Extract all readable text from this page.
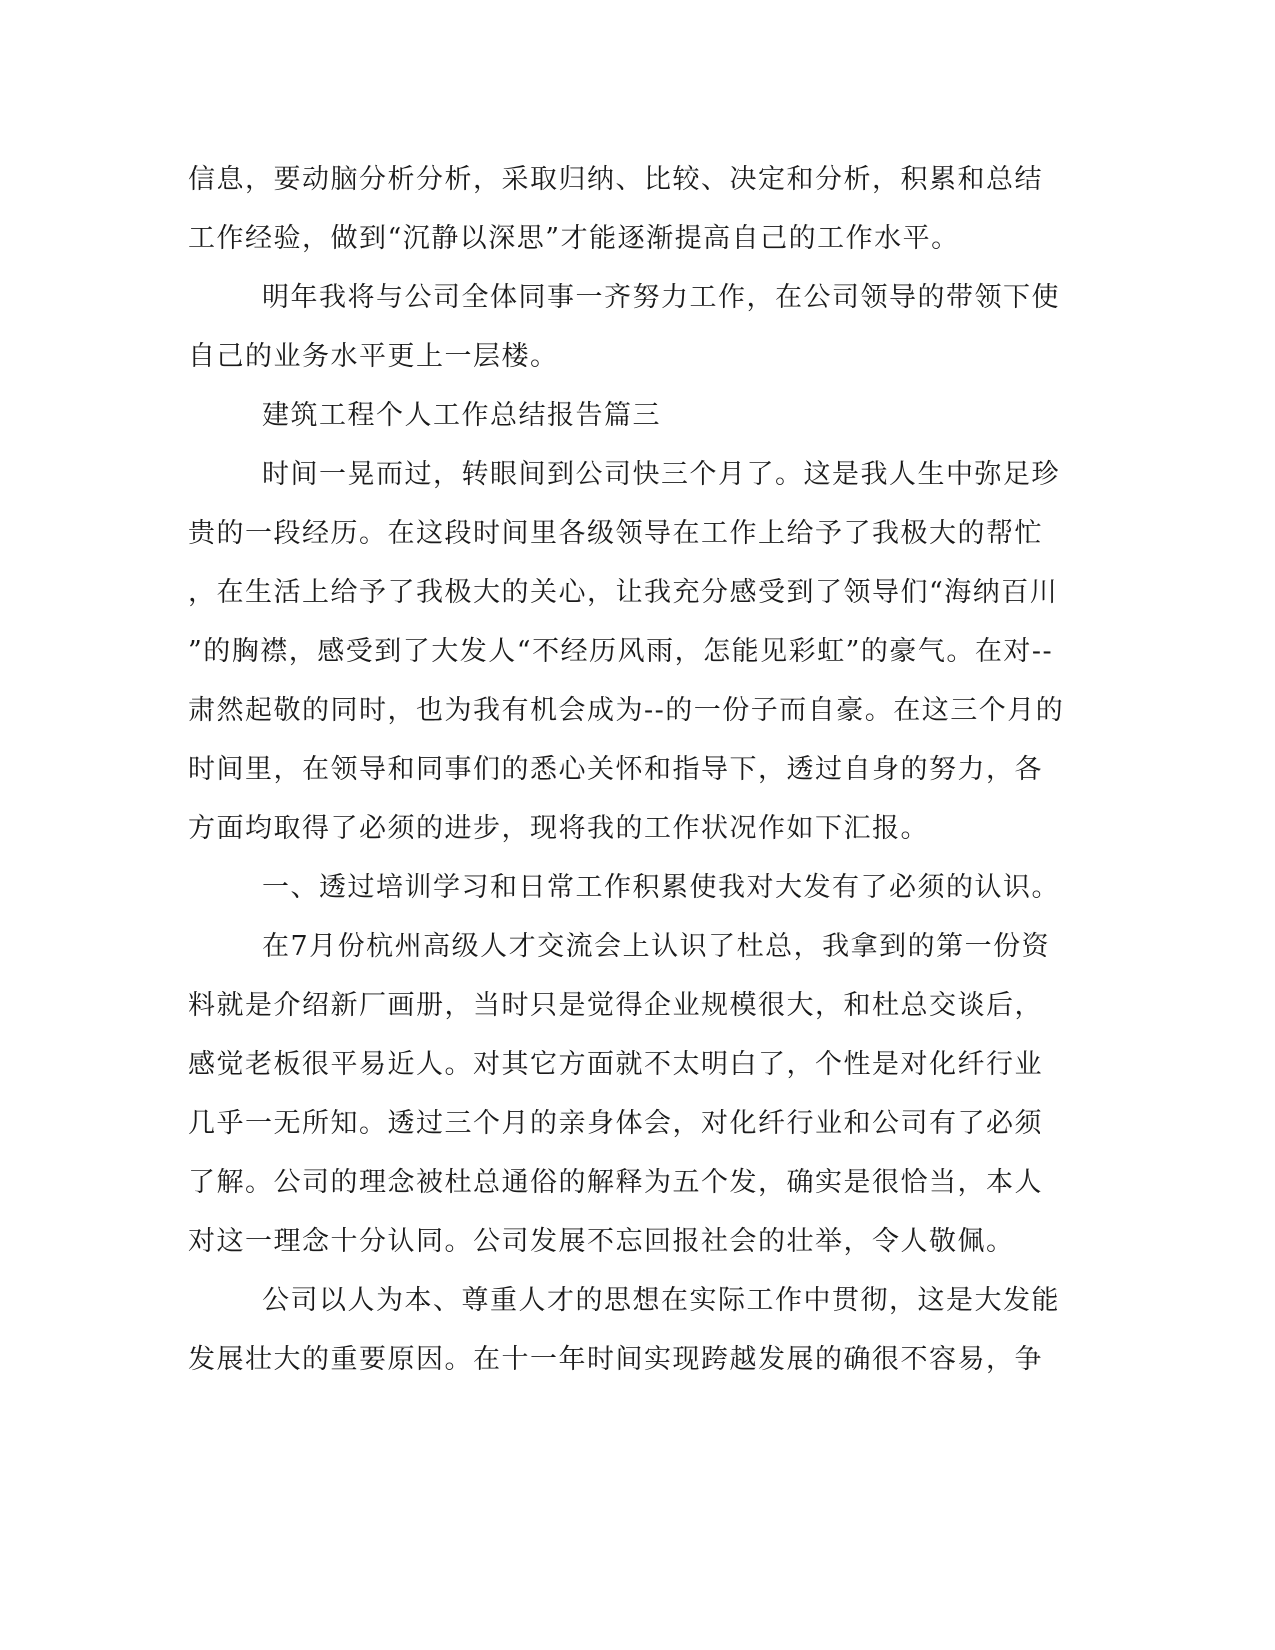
信息，要动脑分析分析，采取归纳、比较、决定和分析，积累和总结
工作经验，做到“沉静以深思”才能逐渐提高自己的工作水平。
明年我将与公司全体同事一齐努力工作，在公司领导的带领下使
自己的业务水平更上一层楼。
建筑工程个人工作总结报告篇三
时间一晃而过，转眼间到公司快三个月了。这是我人生中弥足珍
贵的一段经历。在这段时间里各级领导在工作上给予了我极大的帮忙
，在生活上给予了我极大的关心，让我充分感受到了领导们“海纳百川
”的胸襟，感受到了大发人“不经历风雨，怎能见彩虹”的豪气。在对--
肃然起敬的同时，也为我有机会成为--的一份子而自豪。在这三个月的
时间里，在领导和同事们的悉心关怀和指导下，透过自身的努力，各
方面均取得了必须的进步，现将我的工作状况作如下汇报。
一、透过培训学习和日常工作积累使我对大发有了必须的认识。
在7月份杭州高级人才交流会上认识了杜总，我拿到的第一份资
料就是介绍新厂画册，当时只是觉得企业规模很大，和杜总交谈后，
感觉老板很平易近人。对其它方面就不太明白了，个性是对化纤行业
几乎一无所知。透过三个月的亲身体会，对化纤行业和公司有了必须
了解。公司的理念被杜总通俗的解释为五个发，确实是很恰当，本人
对这一理念十分认同。公司发展不忘回报社会的壮举，令人敬佩。
公司以人为本、尊重人才的思想在实际工作中贯彻，这是大发能
发展壮大的重要原因。在十一年时间实现跨越发展的确很不容易，争
